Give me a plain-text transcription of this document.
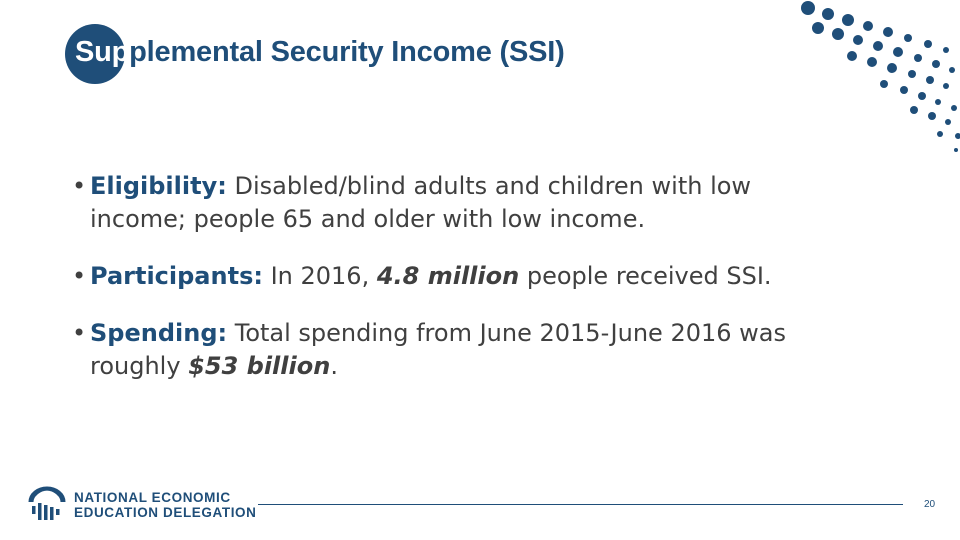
Supplemental Security Income (SSI)
• Eligibility: Disabled/blind adults and children with low income; people 65 and older with low income.
• Participants: In 2016, 4.8 million people received SSI.
• Spending: Total spending from June 2015-June 2016 was roughly $53 billion.
NATIONAL ECONOMIC
EDUCATION DELEGATION
20
